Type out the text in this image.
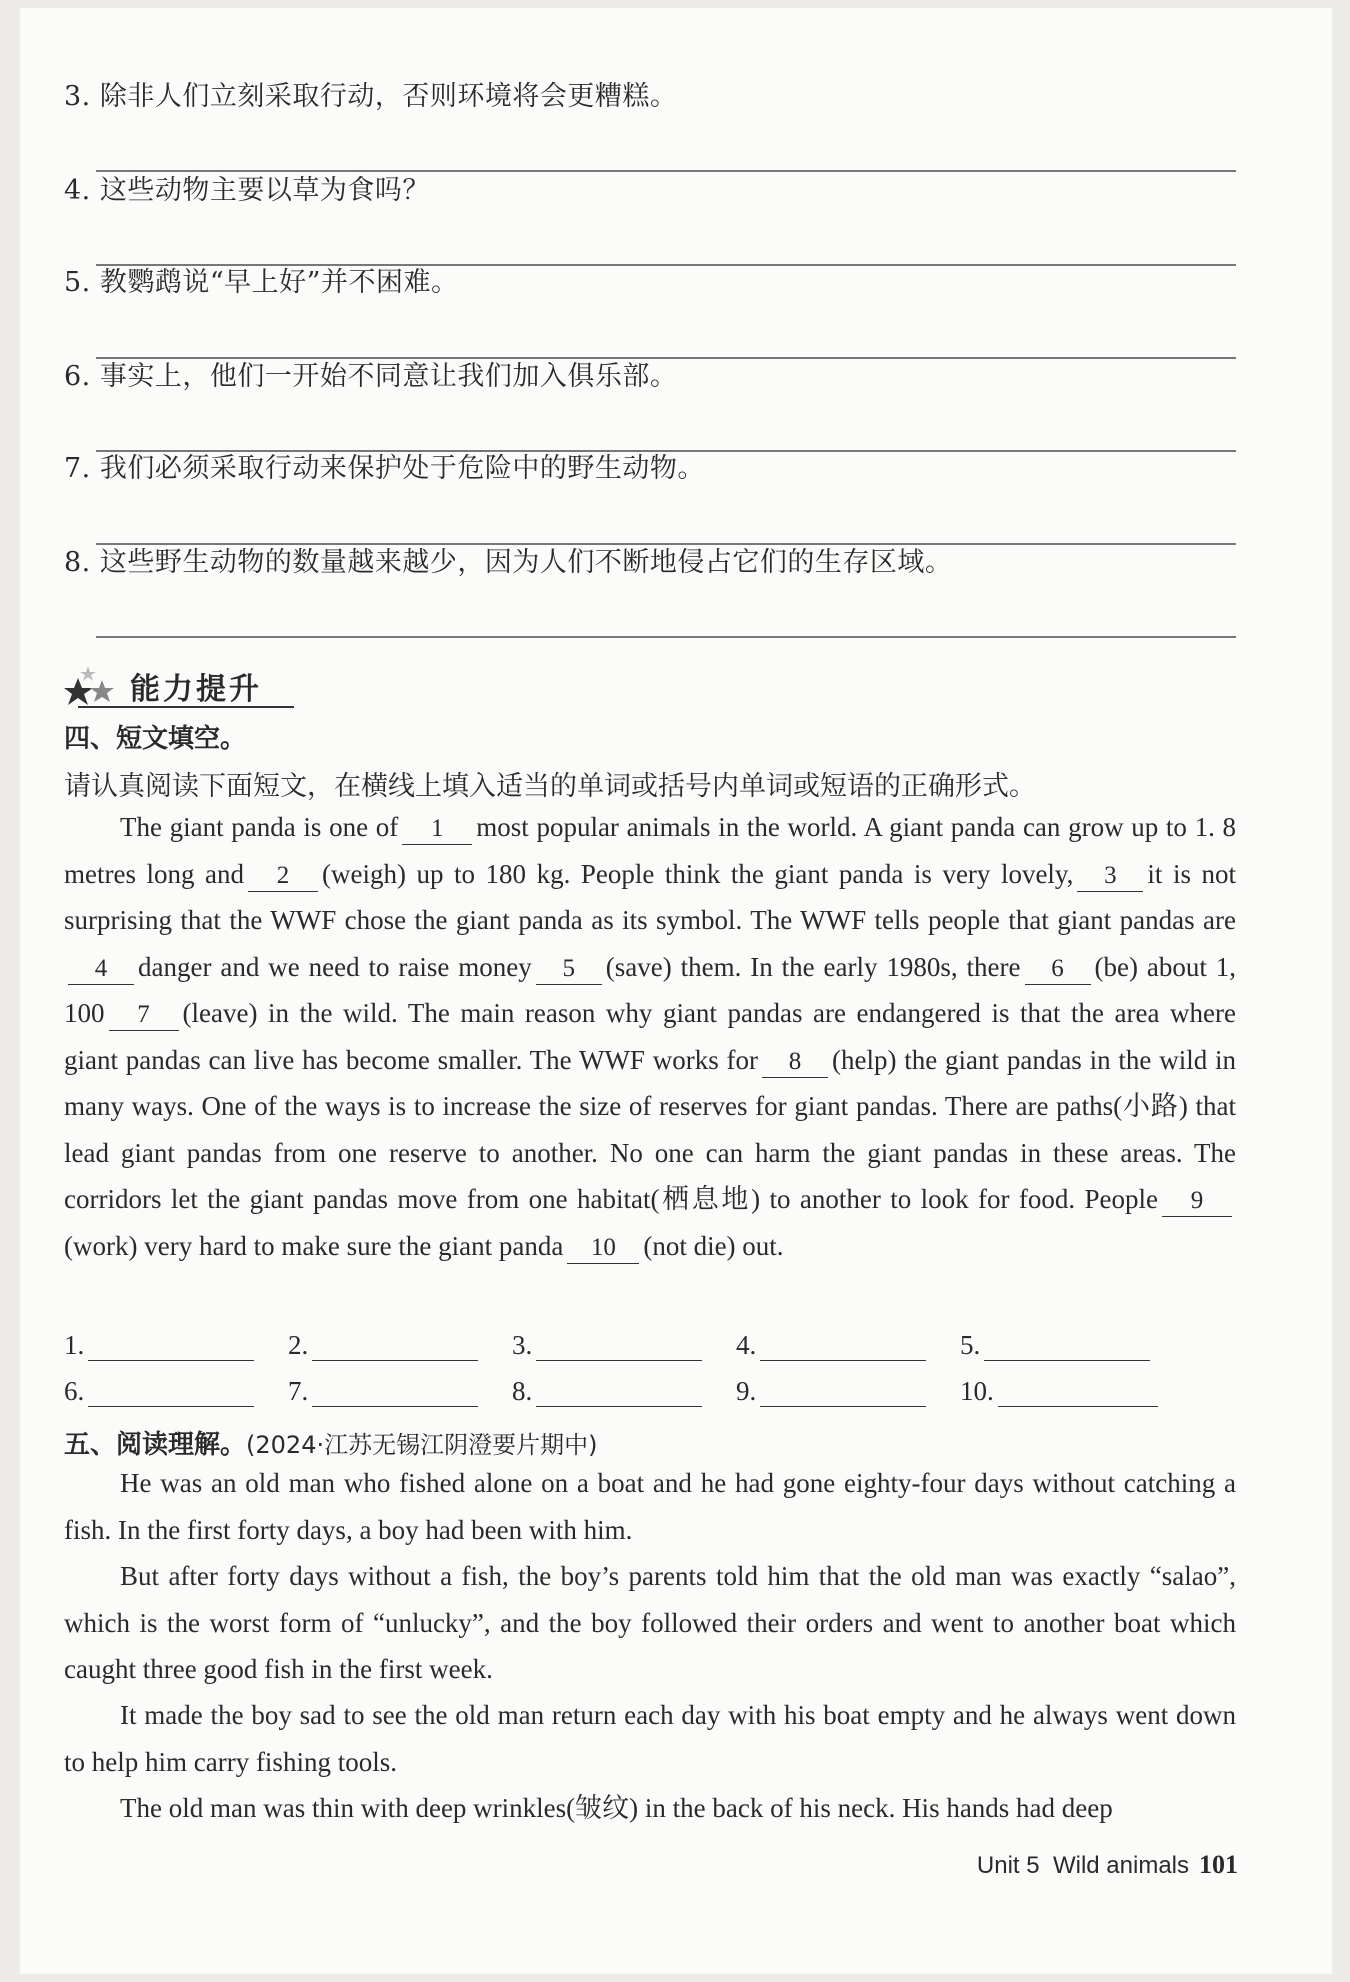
3. 除非人们立刻采取行动，否则环境将会更糟糕。
4. 这些动物主要以草为食吗？
5. 教鹦鹉说“早上好”并不困难。
6. 事实上，他们一开始不同意让我们加入俱乐部。
7. 我们必须采取行动来保护处于危险中的野生动物。
8. 这些野生动物的数量越来越少，因为人们不断地侵占它们的生存区域。
能力提升
四、短文填空。
请认真阅读下面短文，在横线上填入适当的单词或括号内单词或短语的正确形式。
The giant panda is one of 1 most popular animals in the world. A giant panda can grow up to 1. 8 metres long and 2 (weigh) up to 180 kg. People think the giant panda is very lovely, 3 it is not surprising that the WWF chose the giant panda as its symbol. The WWF tells people that giant pandas are4 danger and we need to raise money 5 (save) them. In the early 1980s, there 6 (be) about 1, 100 7 (leave) in the wild. The main reason why giant pandas are endangered is that the area where giant pandas can live has become smaller. The WWF works for 8 (help) the giant pandas in the wild in many ways. One of the ways is to increase the size of reserves for giant pandas. There are paths(小路) that lead giant pandas from one reserve to another. No one can harm the giant pandas in these areas. The corridors let the giant pandas move from one habitat(栖息地) to another to look for food. People 9(work) very hard to make sure the giant panda 10 (not die) out.
1.	2.	3.	4.	5.
6.	7.	8.	9.	10.
五、阅读理解。(2024·江苏无锡江阴澄要片期中)
He was an old man who fished alone on a boat and he had gone eighty-four days without catching a fish. In the first forty days, a boy had been with him.
But after forty days without a fish, the boy’s parents told him that the old man was exactly “salao”, which is the worst form of “unlucky”, and the boy followed their orders and went to another boat which caught three good fish in the first week.
It made the boy sad to see the old man return each day with his boat empty and he always went down to help him carry fishing tools.
The old man was thin with deep wrinkles(皱纹) in the back of his neck. His hands had deep
Unit 5 Wild animals 101
